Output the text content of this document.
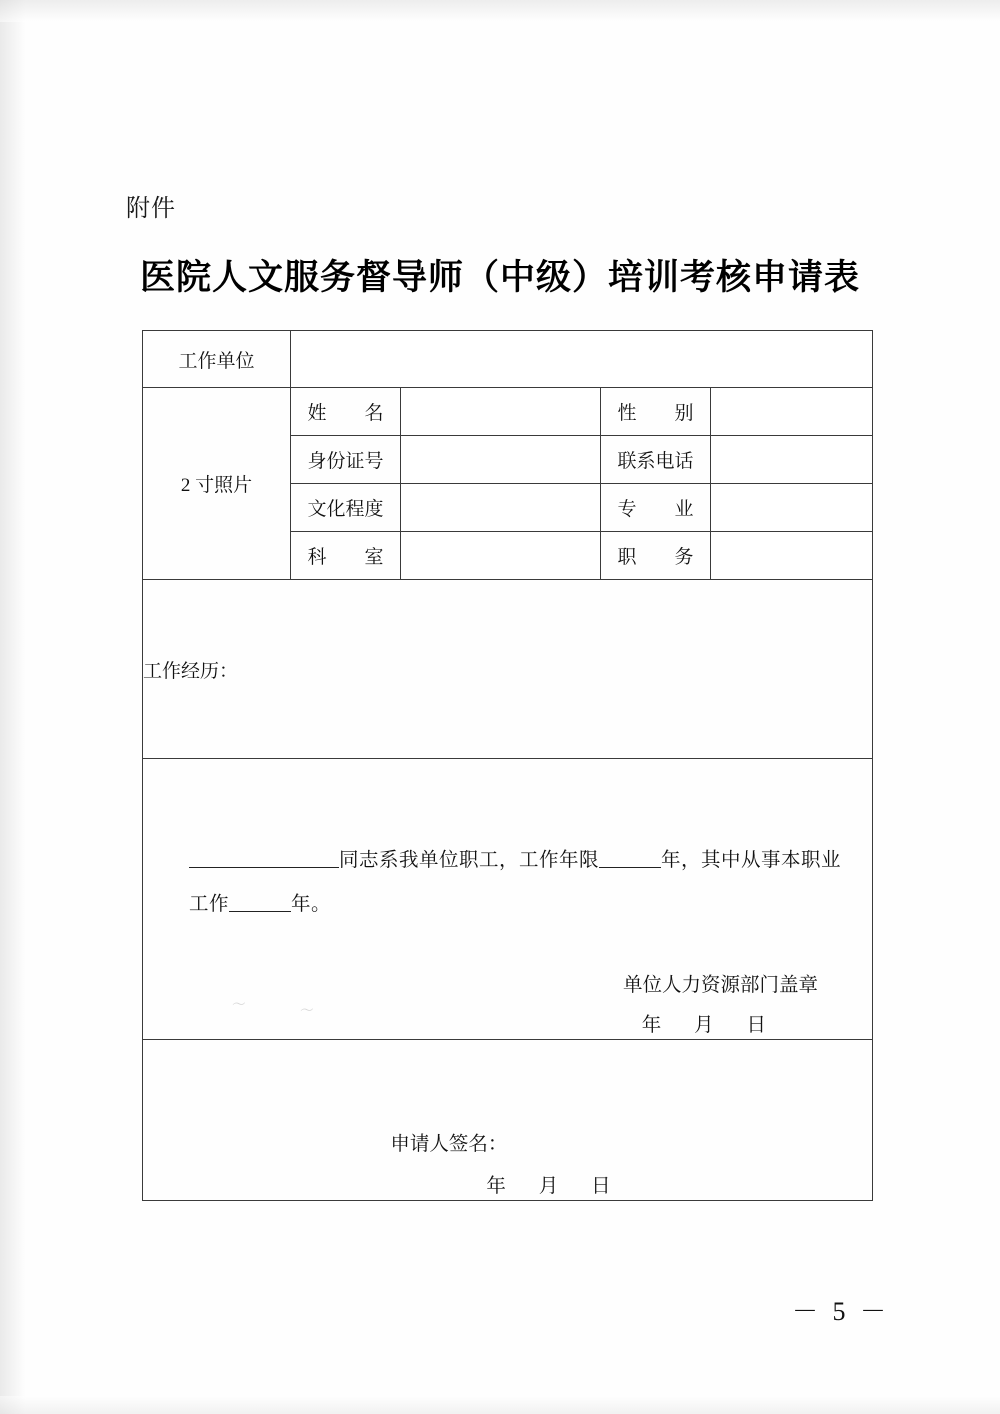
附件
医院人文服务督导师（中级）培训考核申请表
工作单位				
2 寸照片	姓　　名		性　　别	
	身份证号		联系电话	
	文化程度		专　　业	
	科　　室		职　　务	
工作经历：				

同志系我单位职工，工作年限 年，其中从事本职业
工作 年。
单位人力资源部门盖章
年 月 日				

申请人签名：
年 月 日				
～	〜
－ 5 －
